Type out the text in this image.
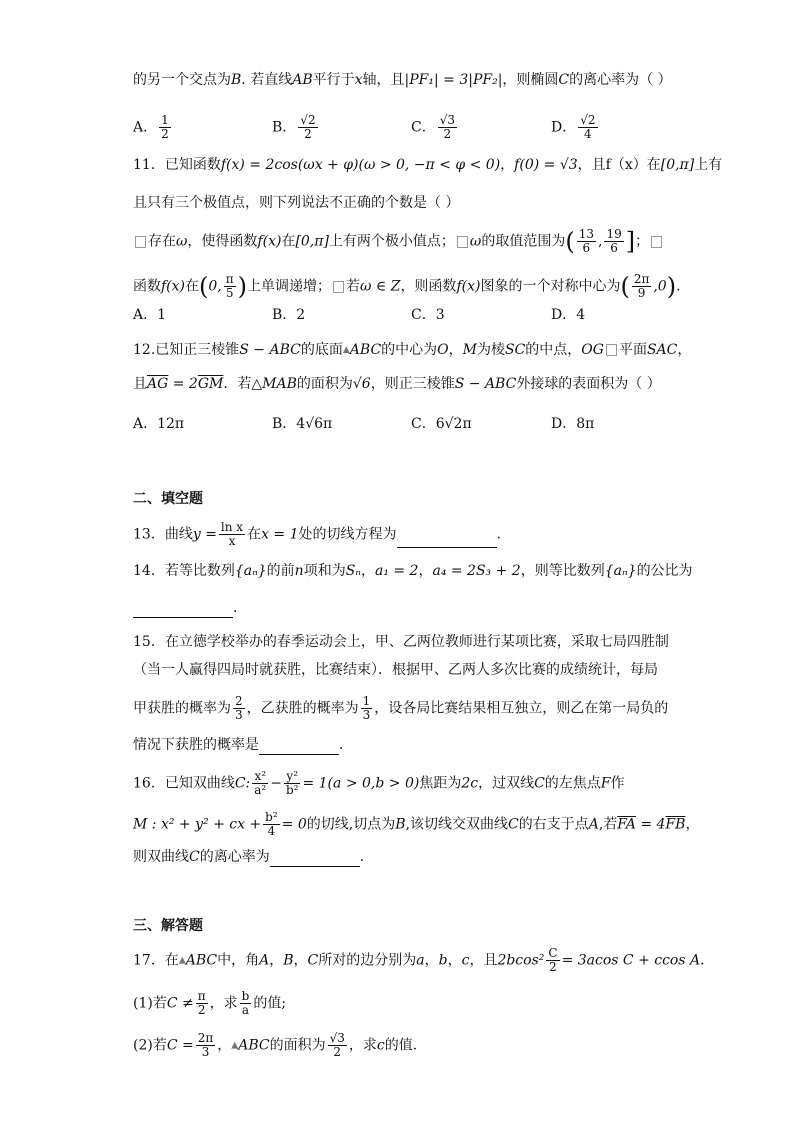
的另一个交点为B. 若直线AB平行于x轴，且|PF₁| = 3|PF₂|，则椭圆C的离心率为（ ）
A． $\frac{1}{2}$	B． $\frac{√2}{2}$	C． $\frac{√3}{2}$	D． $\frac{√2}{4}$
11．已知函数f(x) = 2cos(ωx + φ)(ω > 0, −π < φ < 0)，f(0) = √3，且f（x）在[0,π]上有
且只有三个极值点，则下列说法不正确的个数是（ ）
存在ω，使得函数f(x)在[0,π]上有两个极小值点； ω的取值范围为( $\frac{13}{6}$ , $\frac{19}{6}$ ]；
函数f(x)在(0, $\frac{\pi}{5}$ )上单调递增； 若ω ∈ Z，则函数f(x)图象的一个对称中心为( $\frac{2\pi}{9} ,0$).
A．1	B．2	C．3	D．4
12.已知正三棱锥S − ABC的底面▲ABC的中心为O，M为棱SC的中点，OG 平面SAC，
且$\overline{AG} = 2\overline{GM}$．若△MAB的面积为√6，则正三棱锥S − ABC外接球的表面积为（ ）
A．12π	B．4√6π	C．6√2π	D．8π
二、填空题
13．曲线$y = \frac{\text{ln x}}{x}$ 在x = 1处的切线方程为	．
14．若等比数列{aₙ}的前n项和为Sₙ，a₁ = 2，a₄ = 2S₃ + 2，则等比数列{aₙ}的公比为
．
15．在立德学校举办的春季运动会上，甲、乙两位教师进行某项比赛，采取七局四胜制
（当一人赢得四局时就获胜，比赛结束）．根据甲、乙两人多次比赛的成绩统计，每局
甲获胜的概率为 $\frac{2}{3}$ ，乙获胜的概率为 $\frac{1}{3}$ ，设各局比赛结果相互独立，则乙在第一局负的
情况下获胜的概率是	．
16．已知双曲线C: $\frac{\text{x²}}{\text{a²}} - \frac{\text{y²}}{\text{b²}} = 1(a > 0,b > 0)$焦距为2c，过双线C的左焦点F作
M : x² + y² + cx + $\frac{\text{b²}}{4} = 0$的切线,切点为B,该切线交双曲线C的右支于点A,若$\overline{FA} = 4\overline{FB}$，
则双曲线C的离心率为	．
三、解答题
17．在▲ABC中，角A，B，C所对的边分别为a，b，c，且$2bcos^2 \frac{C}{2} = 3acos$ C + ccos A．
(1)若$C \ne \frac{\pi}{2}$ ，求 $\frac{b}{a}$ 的值;
(2)若$C = \frac{2\pi}{3}$ ，▲ABC的面积为 $\frac{√3}{2}$ ，求c的值.
